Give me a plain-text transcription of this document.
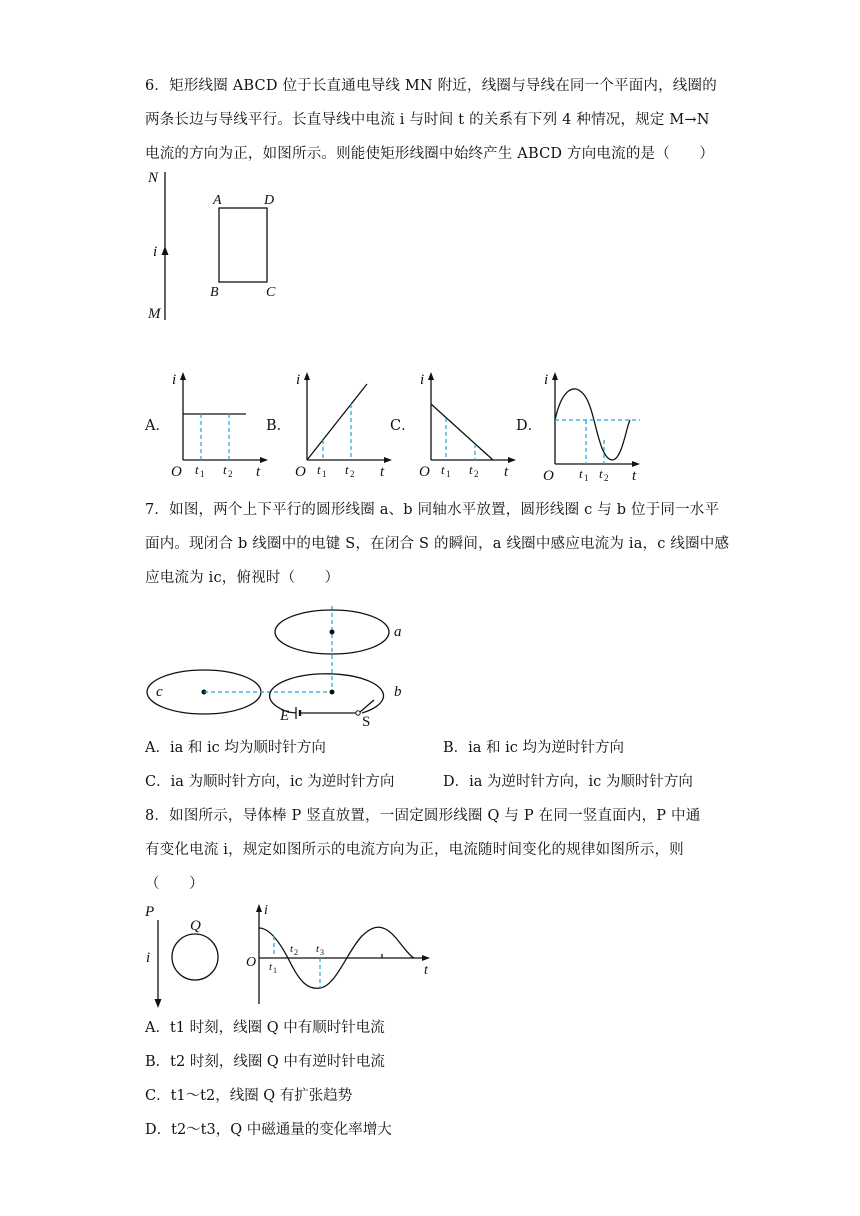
6．矩形线圈 ABCD 位于长直通电导线 MN 附近，线圈与导线在同一个平面内，线圈的
两条长边与导线平行。长直导线中电流 i 与时间 t 的关系有下列 4 种情况，规定 M→N
电流的方向为正，如图所示。则能使矩形线圈中始终产生 ABCD 方向电流的是（　　）
N
M
i
A	D
B	C
A．
i
O	t
t 1 t 2
B．
i
O	t
t 1 t 2
C．
i
O	t
t 1 t 2
D．
i
O	t
t 1 t 2
7．如图，两个上下平行的圆形线圈 a、b 同轴水平放置，圆形线圈 c 与 b 位于同一水平
面内。现闭合 b 线圈中的电键 S，在闭合 S 的瞬间，a 线圈中感应电流为 ia，c 线圈中感
应电流为 ic，俯视时（　　）
a
c	b
E	S
A．ia 和 ic 均为顺时针方向	B．ia 和 ic 均为逆时针方向
C．ia 为顺时针方向，ic 为逆时针方向	D．ia 为逆时针方向，ic 为顺时针方向
8．如图所示，导体棒 P 竖直放置，一固定圆形线圈 Q 与 P 在同一竖直面内，P 中通
有变化电流 i，规定如图所示的电流方向为正，电流随时间变化的规律如图所示，则
（　　）
P
i
Q
i
O
t
t 1
t 2 t 3
A．t1 时刻，线圈 Q 中有顺时针电流
B．t2 时刻，线圈 Q 中有逆时针电流
C．t1～t2，线圈 Q 有扩张趋势
D．t2～t3，Q 中磁通量的变化率增大
